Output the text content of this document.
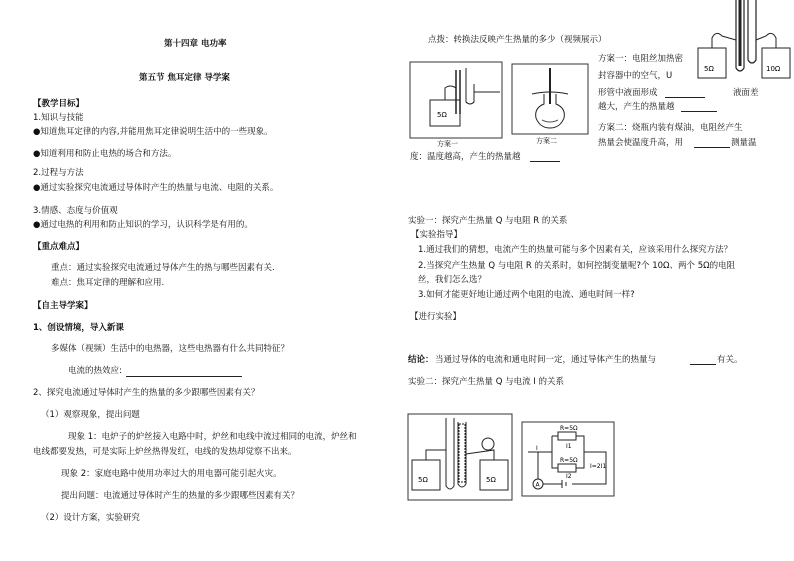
第十四章 电功率
第五节 焦耳定律 导学案
【教学目标】
1.知识与技能
●知道焦耳定律的内容,并能用焦耳定律说明生活中的一些现象。
●知道利用和防止电热的场合和方法。
2.过程与方法
●通过实验探究电流通过导体时产生的热量与电流、电阻的关系。
3.情感、态度与价值观
●通过电热的利用和防止知识的学习，认识科学是有用的。
【重点难点】
重点：通过实验探究电流通过导体产生的热与哪些因素有关.
难点：焦耳定律的理解和应用.
【自主导学案】
1、创设情境，导入新课
多媒体（视频）生活中的电热器，这些电热器有什么共同特征？
电流的热效应:
2、探究电流通过导体时产生的热量的多少跟哪些因素有关？
（1）观察现象，提出问题
现象 1：电炉子的炉丝接入电路中时，炉丝和电线中流过相同的电流，炉丝和
电线都要发热，可是实际上炉丝热得发红，电线的发热却觉察不出来。
现象 2：家庭电路中使用功率过大的用电器可能引起火灾。
提出问题：电流通过导体时产生的热量的多少跟哪些因素有关？
（2）设计方案，实验研究
点拨：转换法反映产生热量的多少（视频展示）
5Ω	10Ω
5Ω
方案一	方案二
方案一：电阻丝加热密
封容器中的空气，U
形管中液面形成	液面差
越大，产生的热量越
方案二：烧瓶内装有煤油，电阻丝产生
热量会使温度升高，用	测量温
度：温度越高，产生的热量越
实验一：探究产生热量 Q 与电阻 R 的关系
【实验指导】
1.通过我们的猜想，电流产生的热量可能与多个因素有关，应该采用什么探究方法？
2.当探究产生热量 Q 与电阻 R 的关系时，如何控制变量呢?个 10Ω、两个 5Ω的电阻
丝，我们怎么选？
3.如何才能更好地让通过两个电阻的电流、通电时间一样?
【进行实验】
结论： 当通过导体的电流和通电时间一定，通过导体产生的热量与	有关。
实验二：探究产生热量 Q 与电流 I 的关系
5Ω	5Ω
R=5Ω
R=5Ω
I	I1
I2
I=2I1
A
